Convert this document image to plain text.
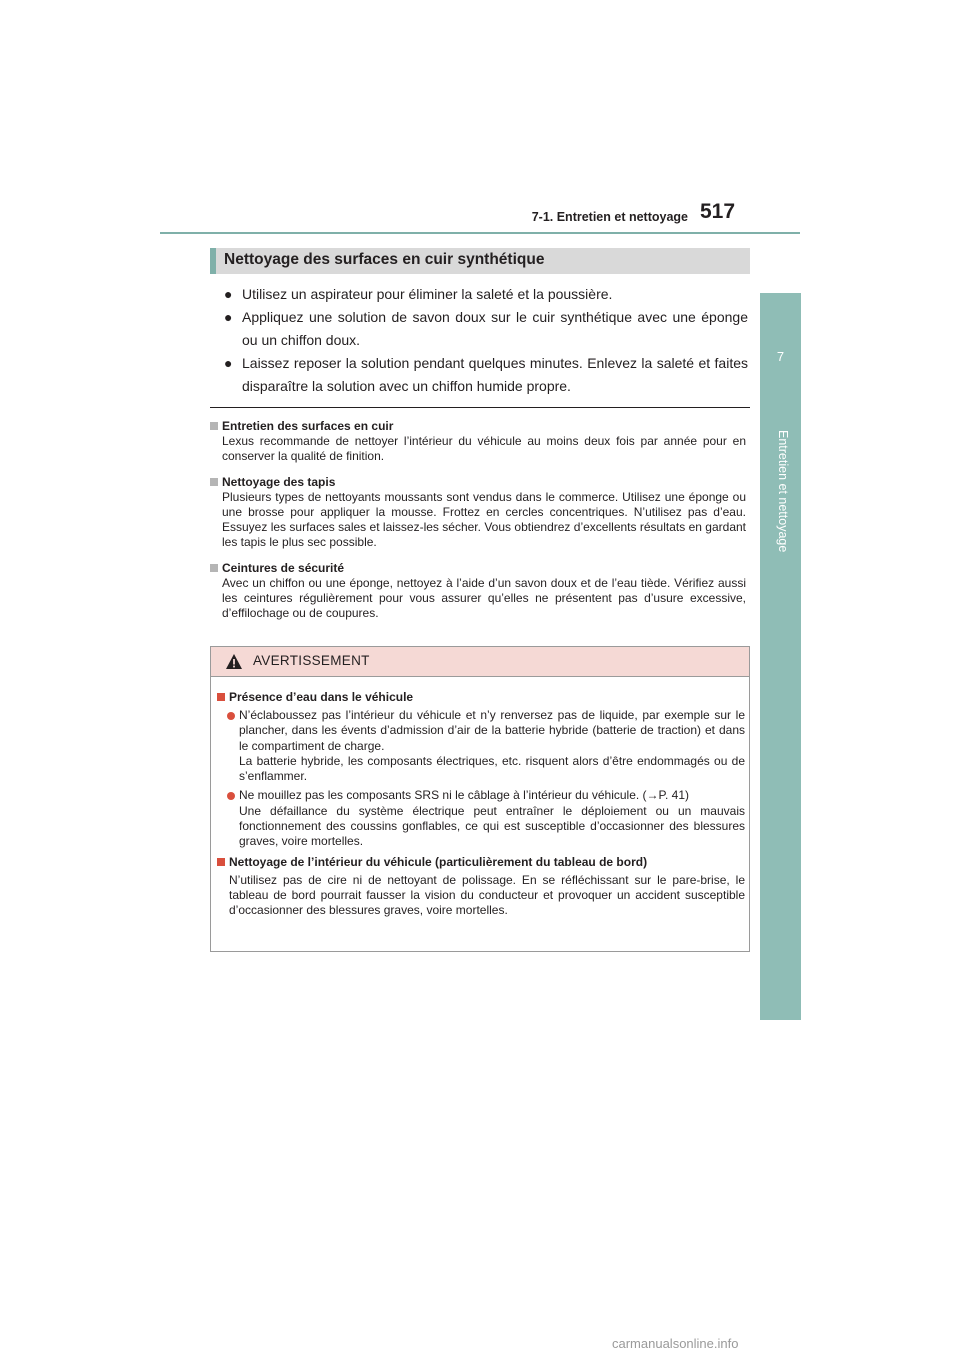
7-1. Entretien et nettoyage 517
7
Entretien et nettoyage
Nettoyage des surfaces en cuir synthétique
● Utilisez un aspirateur pour éliminer la saleté et la poussière.
● Appliquez une solution de savon doux sur le cuir synthétique avec une éponge ou un chiffon doux.
● Laissez reposer la solution pendant quelques minutes. Enlevez la saleté et faites disparaître la solution avec un chiffon humide propre.
Entretien des surfaces en cuir
Lexus recommande de nettoyer l’intérieur du véhicule au moins deux fois par année pour en conserver la qualité de finition.
Nettoyage des tapis
Plusieurs types de nettoyants moussants sont vendus dans le commerce. Utilisez une éponge ou une brosse pour appliquer la mousse. Frottez en cercles concentriques. N’utilisez pas d’eau. Essuyez les surfaces sales et laissez-les sécher. Vous obtiendrez d’excellents résultats en gardant les tapis le plus sec possible.
Ceintures de sécurité
Avec un chiffon ou une éponge, nettoyez à l’aide d’un savon doux et de l’eau tiède. Vérifiez aussi les ceintures régulièrement pour vous assurer qu’elles ne présentent pas d’usure excessive, d’effilochage ou de coupures.
AVERTISSEMENT
Présence d’eau dans le véhicule
N’éclaboussez pas l’intérieur du véhicule et n’y renversez pas de liquide, par exemple sur le plancher, dans les évents d’admission d’air de la batterie hybride (batterie de traction) et dans le compartiment de charge.
La batterie hybride, les composants électriques, etc. risquent alors d’être endommagés ou de s’enflammer.
Ne mouillez pas les composants SRS ni le câblage à l’intérieur du véhicule. (→P. 41)
Une défaillance du système électrique peut entraîner le déploiement ou un mauvais fonctionnement des coussins gonflables, ce qui est susceptible d’occasionner des blessures graves, voire mortelles.
Nettoyage de l’intérieur du véhicule (particulièrement du tableau de bord)
N’utilisez pas de cire ni de nettoyant de polissage. En se réfléchissant sur le pare-brise, le tableau de bord pourrait fausser la vision du conducteur et provoquer un accident susceptible d’occasionner des blessures graves, voire mortelles.
carmanualsonline.info
